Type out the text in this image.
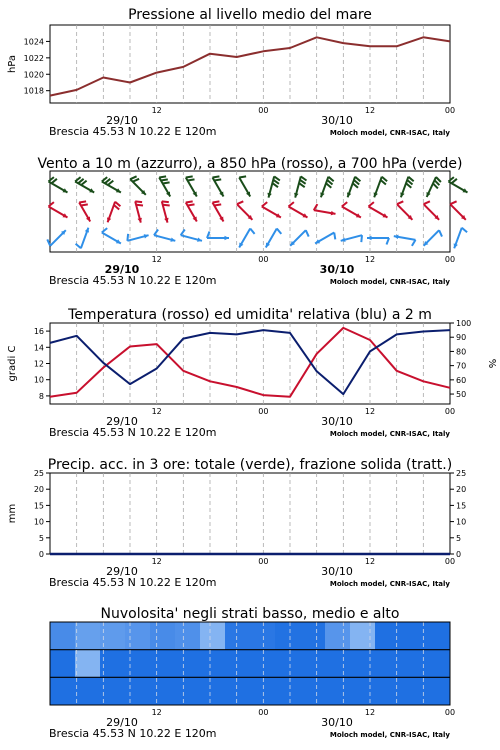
Pressione al livello medio del mare
1018
1020
1022
1024
hPa
12	00	12	00
29/10	30/10
Brescia 45.53 N 10.22 E 120m	Moloch model, CNR-ISAC, Italy
Vento a 10 m (azzurro), a 850 hPa (rosso), a 700 hPa (verde)
12	00	12	00
29/10	30/10
Brescia 45.53 N 10.22 E 120m	Moloch model, CNR-ISAC, Italy
Temperatura (rosso) ed umidita' relativa (blu) a 2 m
8
10
12
14
16
50
60
70
80
90
100
gradi C	%
12	00	12	00
29/10	30/10
Brescia 45.53 N 10.22 E 120m	Moloch model, CNR-ISAC, Italy
Precip. acc. in 3 ore: totale (verde), frazione solida (tratt.)
0
5
10
15
20
25
0
5
10
15
20
25
mm
12	00	12	00
29/10	30/10
Brescia 45.53 N 10.22 E 120m	Moloch model, CNR-ISAC, Italy
Nuvolosita' negli strati basso, medio e alto
12	00	12	00
29/10	30/10
Brescia 45.53 N 10.22 E 120m	Moloch model, CNR-ISAC, Italy
